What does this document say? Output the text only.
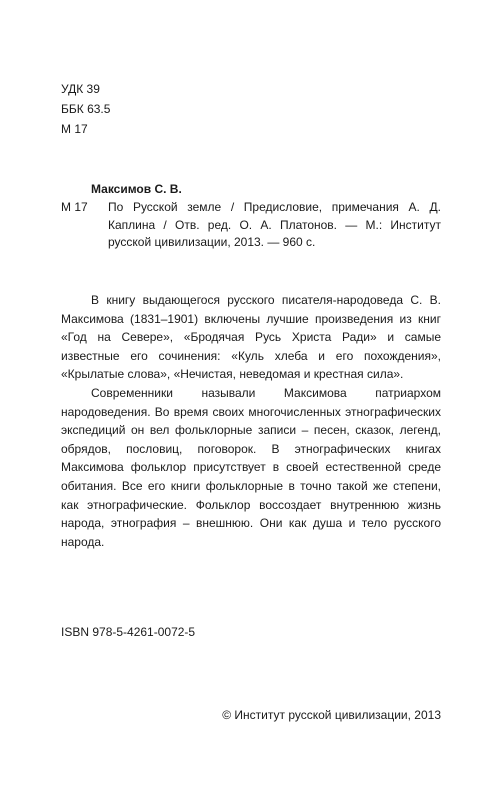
УДК 39
ББК 63.5
М 17
Максимов С. В.
М 17 По Русской земле / Предисловие, примечания А. Д. Каплина / Отв. ред. О. А. Платонов. — М.: Институт русской цивилизации, 2013. — 960 с.

В книгу выдающегося русского писателя-народоведа С. В. Максимова (1831–1901) включены лучшие произведения из книг «Год на Севере», «Бродячая Русь Христа Ради» и самые известные его сочинения: «Куль хлеба и его похождения», «Крылатые слова», «Нечистая, неведомая и крестная сила».

Современники называли Максимова патриархом народоведения. Во время своих многочисленных этнографических экспедиций он вел фольклорные записи – песен, сказок, легенд, обрядов, пословиц, поговорок. В этнографических книгах Максимова фольклор присутствует в своей естественной среде обитания. Все его книги фольклорные в точно такой же степени, как этнографические. Фольклор воссоздает внутреннюю жизнь народа, этнография – внешнюю. Они как душа и тело русского народа.

ISBN 978-5-4261-0072-5
© Институт русской цивилизации, 2013
